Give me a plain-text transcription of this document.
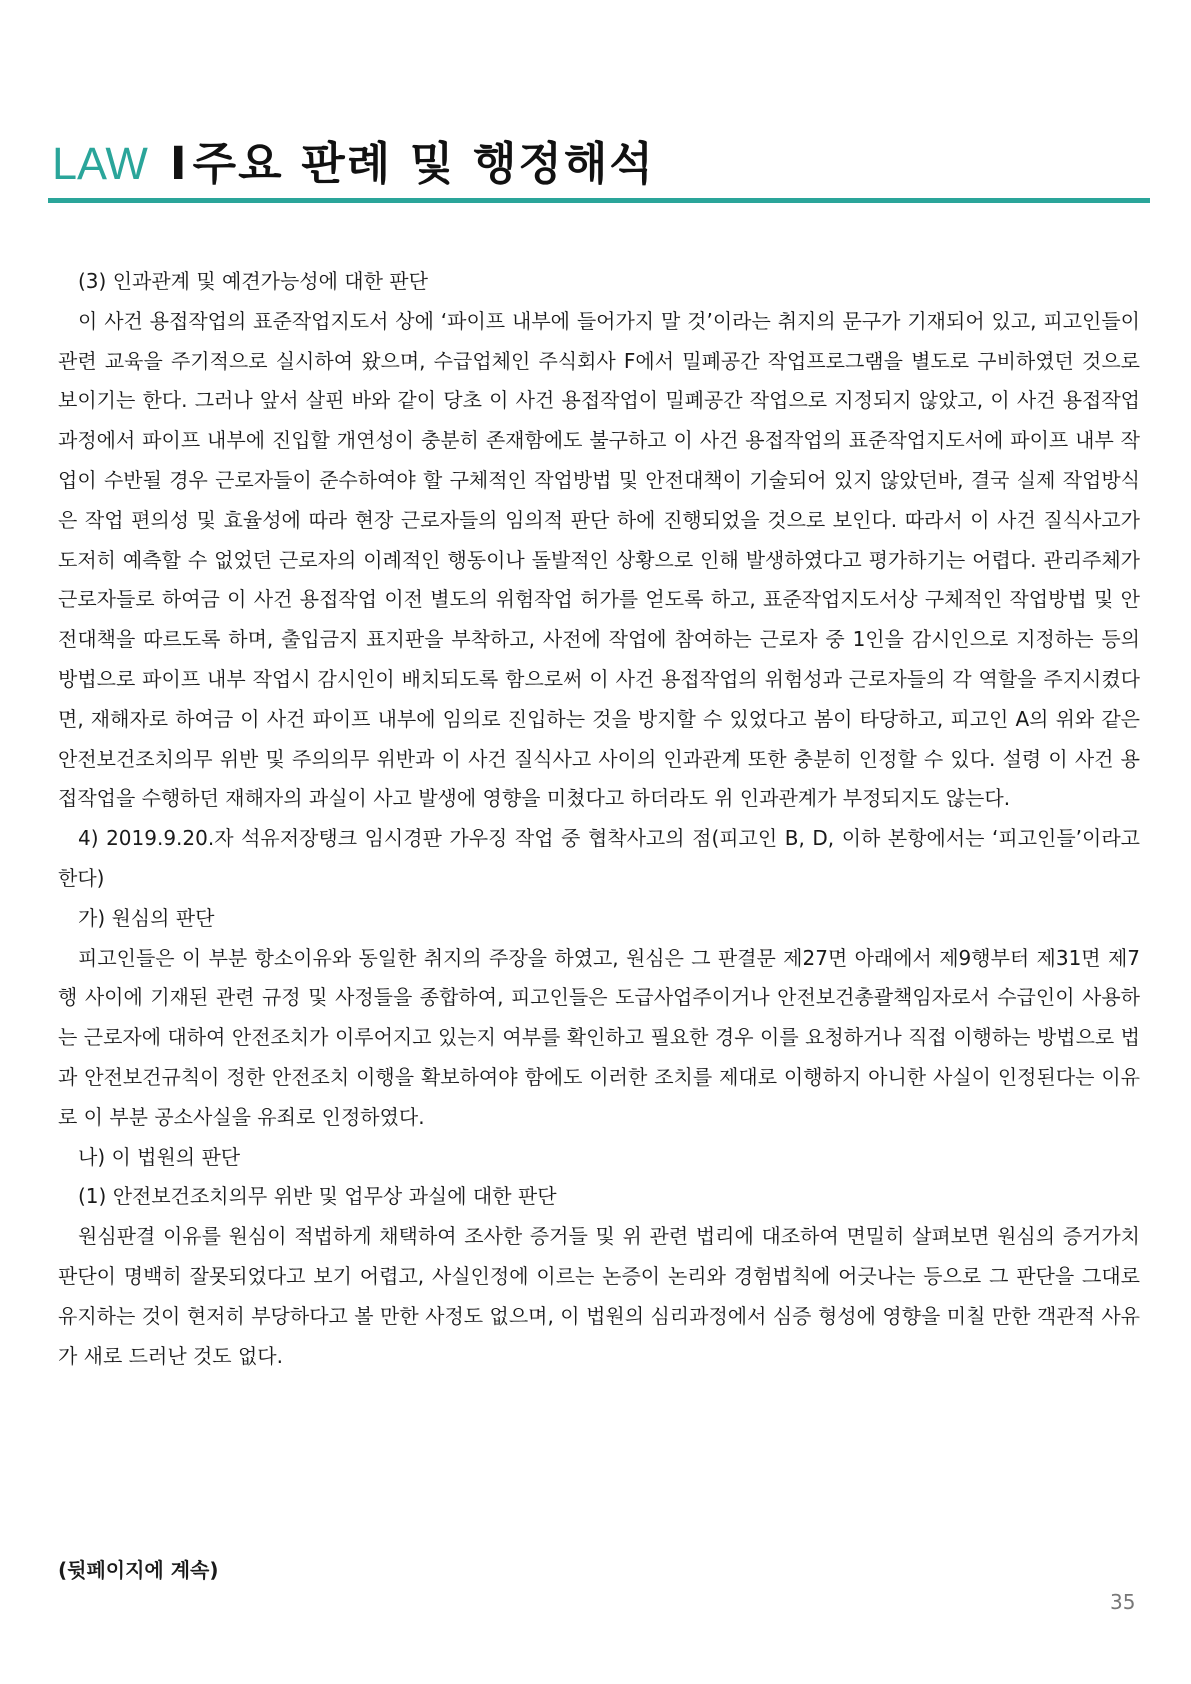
LAW I 주요 판례 및 행정해석

(3) 인과관계 및 예견가능성에 대한 판단

이 사건 용접작업의 표준작업지도서 상에 ‘파이프 내부에 들어가지 말 것’이라는 취지의 문구가 기재되어 있고, 피고인들이 관련 교육을 주기적으로 실시하여 왔으며, 수급업체인 주식회사 F에서 밀폐공간 작업프로그램을 별도로 구비하였던 것으로 보이기는 한다. 그러나 앞서 살핀 바와 같이 당초 이 사건 용접작업이 밀폐공간 작업으로 지정되지 않았고, 이 사건 용접작업 과정에서 파이프 내부에 진입할 개연성이 충분히 존재함에도 불구하고 이 사건 용접작업의 표준작업지도서에 파이프 내부 작업이 수반될 경우 근로자들이 준수하여야 할 구체적인 작업방법 및 안전대책이 기술되어 있지 않았던바, 결국 실제 작업방식은 작업 편의성 및 효율성에 따라 현장 근로자들의 임의적 판단 하에 진행되었을 것으로 보인다. 따라서 이 사건 질식사고가 도저히 예측할 수 없었던 근로자의 이례적인 행동이나 돌발적인 상황으로 인해 발생하였다고 평가하기는 어렵다. 관리주체가 근로자들로 하여금 이 사건 용접작업 이전 별도의 위험작업 허가를 얻도록 하고, 표준작업지도서상 구체적인 작업방법 및 안전대책을 따르도록 하며, 출입금지 표지판을 부착하고, 사전에 작업에 참여하는 근로자 중 1인을 감시인으로 지정하는 등의 방법으로 파이프 내부 작업시 감시인이 배치되도록 함으로써 이 사건 용접작업의 위험성과 근로자들의 각 역할을 주지시켰다면, 재해자로 하여금 이 사건 파이프 내부에 임의로 진입하는 것을 방지할 수 있었다고 봄이 타당하고, 피고인 A의 위와 같은 안전보건조치의무 위반 및 주의의무 위반과 이 사건 질식사고 사이의 인과관계 또한 충분히 인정할 수 있다. 설령 이 사건 용접작업을 수행하던 재해자의 과실이 사고 발생에 영향을 미쳤다고 하더라도 위 인과관계가 부정되지도 않는다.

4) 2019.9.20.자 석유저장탱크 임시경판 가우징 작업 중 협착사고의 점(피고인 B, D, 이하 본항에서는 ‘피고인들’이라고 한다)

가) 원심의 판단

피고인들은 이 부분 항소이유와 동일한 취지의 주장을 하였고, 원심은 그 판결문 제27면 아래에서 제9행부터 제31면 제7행 사이에 기재된 관련 규정 및 사정들을 종합하여, 피고인들은 도급사업주이거나 안전보건총괄책임자로서 수급인이 사용하는 근로자에 대하여 안전조치가 이루어지고 있는지 여부를 확인하고 필요한 경우 이를 요청하거나 직접 이행하는 방법으로 법과 안전보건규칙이 정한 안전조치 이행을 확보하여야 함에도 이러한 조치를 제대로 이행하지 아니한 사실이 인정된다는 이유로 이 부분 공소사실을 유죄로 인정하였다.

나) 이 법원의 판단

(1) 안전보건조치의무 위반 및 업무상 과실에 대한 판단

원심판결 이유를 원심이 적법하게 채택하여 조사한 증거들 및 위 관련 법리에 대조하여 면밀히 살펴보면 원심의 증거가치 판단이 명백히 잘못되었다고 보기 어렵고, 사실인정에 이르는 논증이 논리와 경험법칙에 어긋나는 등으로 그 판단을 그대로 유지하는 것이 현저히 부당하다고 볼 만한 사정도 없으며, 이 법원의 심리과정에서 심증 형성에 영향을 미칠 만한 객관적 사유가 새로 드러난 것도 없다.

(뒷페이지에 계속)
35
